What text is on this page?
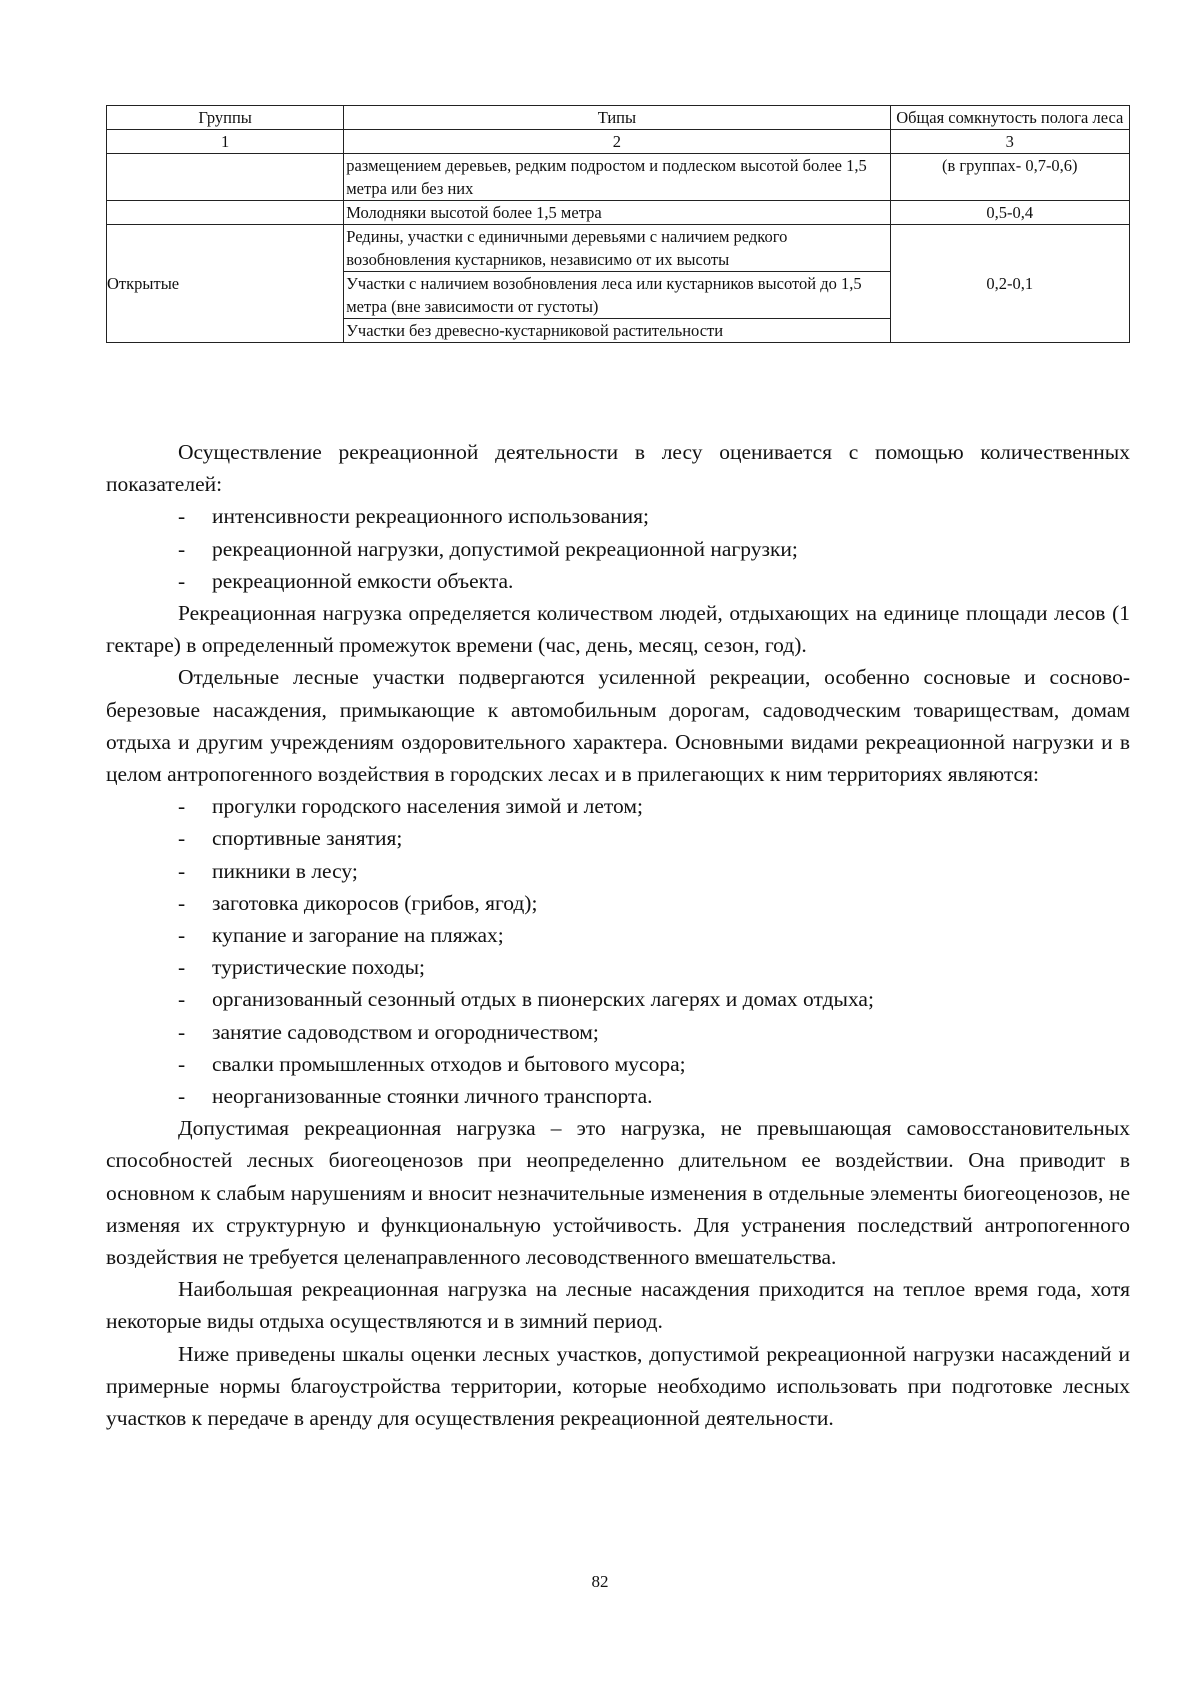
Группы	Типы	Общая сомкнутость полога леса
1	2	3
	размещением деревьев, редким подростом и подлеском высотой более 1,5 метра или без них	(в группах- 0,7-0,6)
	Молодняки высотой более 1,5 метра	0,5-0,4
Открытые	Редины, участки с единичными деревьями с наличием редкого возобновления кустарников, независимо от их высоты	0,2-0,1
	Участки с наличием возобновления леса или кустарников высотой до 1,5 метра (вне зависимости от густоты)	
	Участки без древесно-кустарниковой растительности	

Осуществление рекреационной деятельности в лесу оценивается с помощью количественных показателей:

- интенсивности рекреационного использования;
- рекреационной нагрузки, допустимой рекреационной нагрузки;
- рекреационной емкости объекта.

Рекреационная нагрузка определяется количеством людей, отдыхающих на единице площади лесов (1 гектаре) в определенный промежуток времени (час, день, месяц, сезон, год).

Отдельные лесные участки подвергаются усиленной рекреации, особенно сосновые и сосново-березовые насаждения, примыкающие к автомобильным дорогам, садоводческим товариществам, домам отдыха и другим учреждениям оздоровительного характера. Основными видами рекреационной нагрузки и в целом антропогенного воздействия в городских лесах и в прилегающих к ним территориях являются:

- прогулки городского населения зимой и летом;
- спортивные занятия;
- пикники в лесу;
- заготовка дикоросов (грибов, ягод);
- купание и загорание на пляжах;
- туристические походы;
- организованный сезонный отдых в пионерских лагерях и домах отдыха;
- занятие садоводством и огородничеством;
- свалки промышленных отходов и бытового мусора;
- неорганизованные стоянки личного транспорта.

Допустимая рекреационная нагрузка – это нагрузка, не превышающая самовосстановительных способностей лесных биогеоценозов при неопределенно длительном ее воздействии. Она приводит в основном к слабым нарушениям и вносит незначительные изменения в отдельные элементы биогеоценозов, не изменяя их структурную и функциональную устойчивость. Для устранения последствий антропогенного воздействия не требуется целенаправленного лесоводственного вмешательства.

Наибольшая рекреационная нагрузка на лесные насаждения приходится на теплое время года, хотя некоторые виды отдыха осуществляются и в зимний период.

Ниже приведены шкалы оценки лесных участков, допустимой рекреационной нагрузки насаждений и примерные нормы благоустройства территории, которые необходимо использовать при подготовке лесных участков к передаче в аренду для осуществления рекреационной деятельности.

82
